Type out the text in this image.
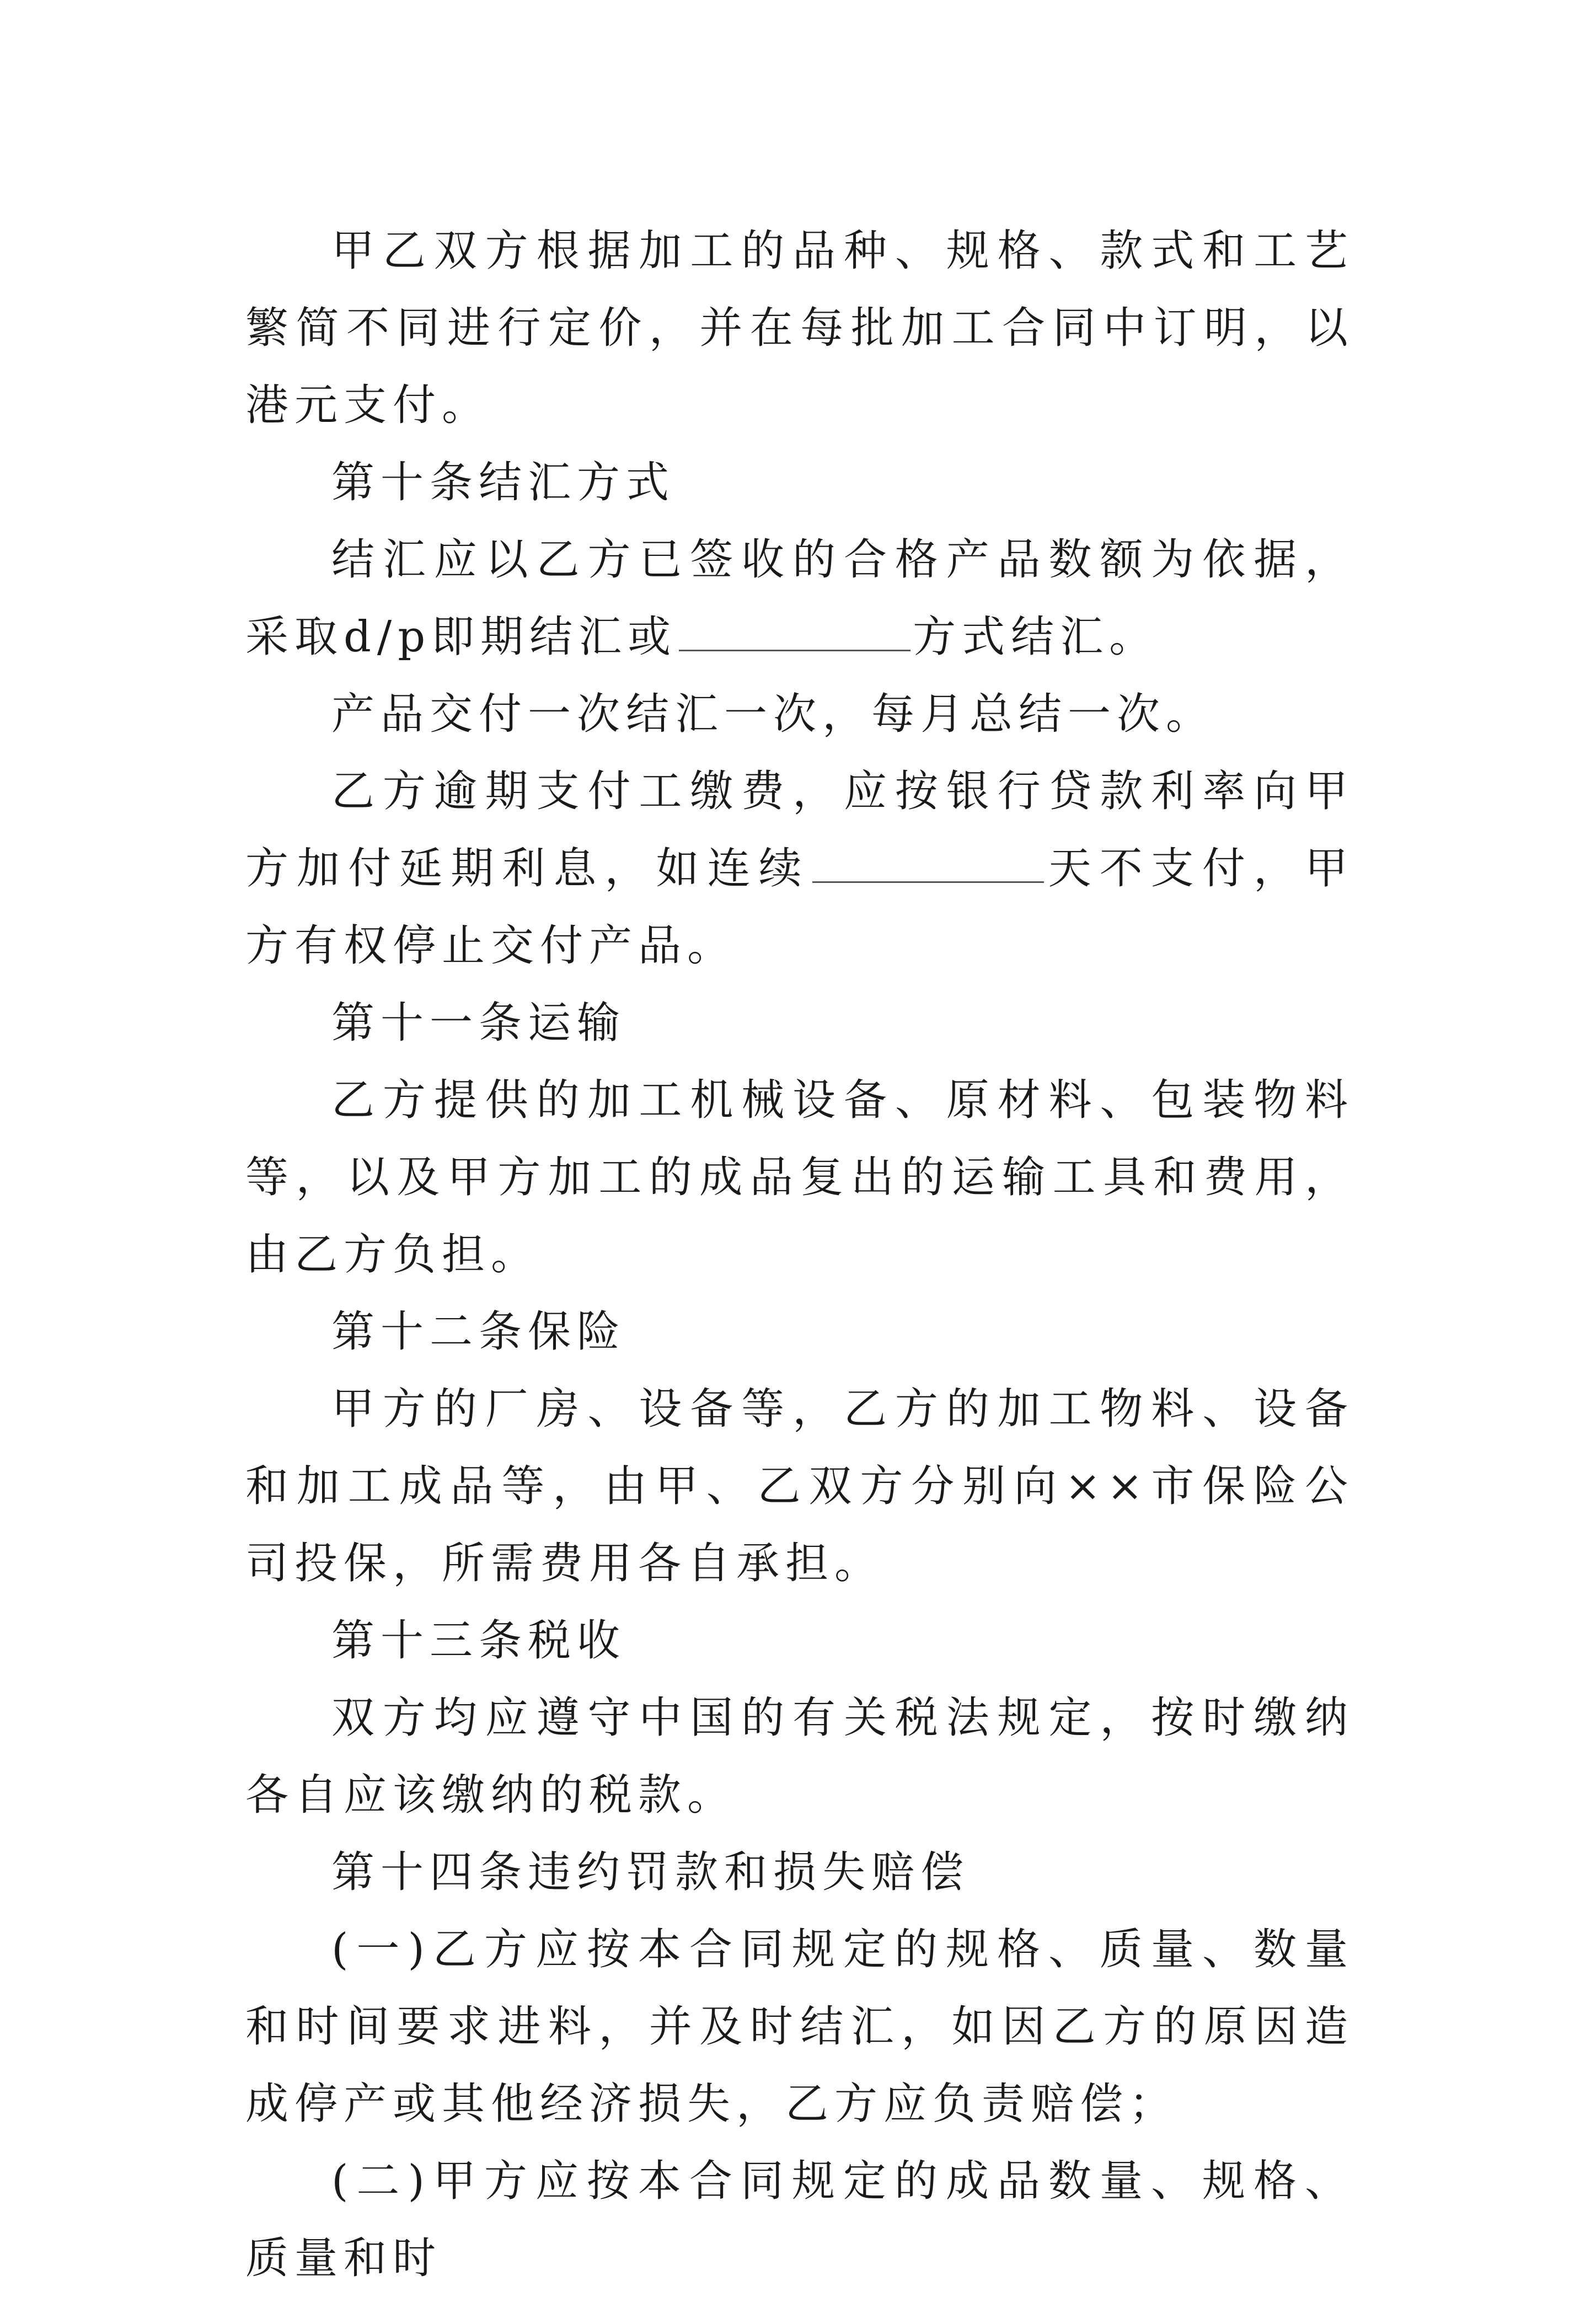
甲乙双方根据加工的品种、规格、款式和工艺繁简不同进行定价，并在每批加工合同中订明，以港元支付。

第十条结汇方式

结汇应以乙方已签收的合格产品数额为依据，采取d/p即期结汇或	方式结汇。

产品交付一次结汇一次，每月总结一次。

乙方逾期支付工缴费，应按银行贷款利率向甲方加付延期利息，如连续	天不支付，甲方有权停止交付产品。

第十一条运输

乙方提供的加工机械设备、原材料、包装物料等，以及甲方加工的成品复出的运输工具和费用，由乙方负担。

第十二条保险

甲方的厂房、设备等，乙方的加工物料、设备和加工成品等，由甲、乙双方分别向××市保险公司投保，所需费用各自承担。

第十三条税收

双方均应遵守中国的有关税法规定，按时缴纳各自应该缴纳的税款。

第十四条违约罚款和损失赔偿

(一)乙方应按本合同规定的规格、质量、数量和时间要求进料，并及时结汇，如因乙方的原因造成停产或其他经济损失，乙方应负责赔偿；

(二)甲方应按本合同规定的成品数量、规格、质量和时
